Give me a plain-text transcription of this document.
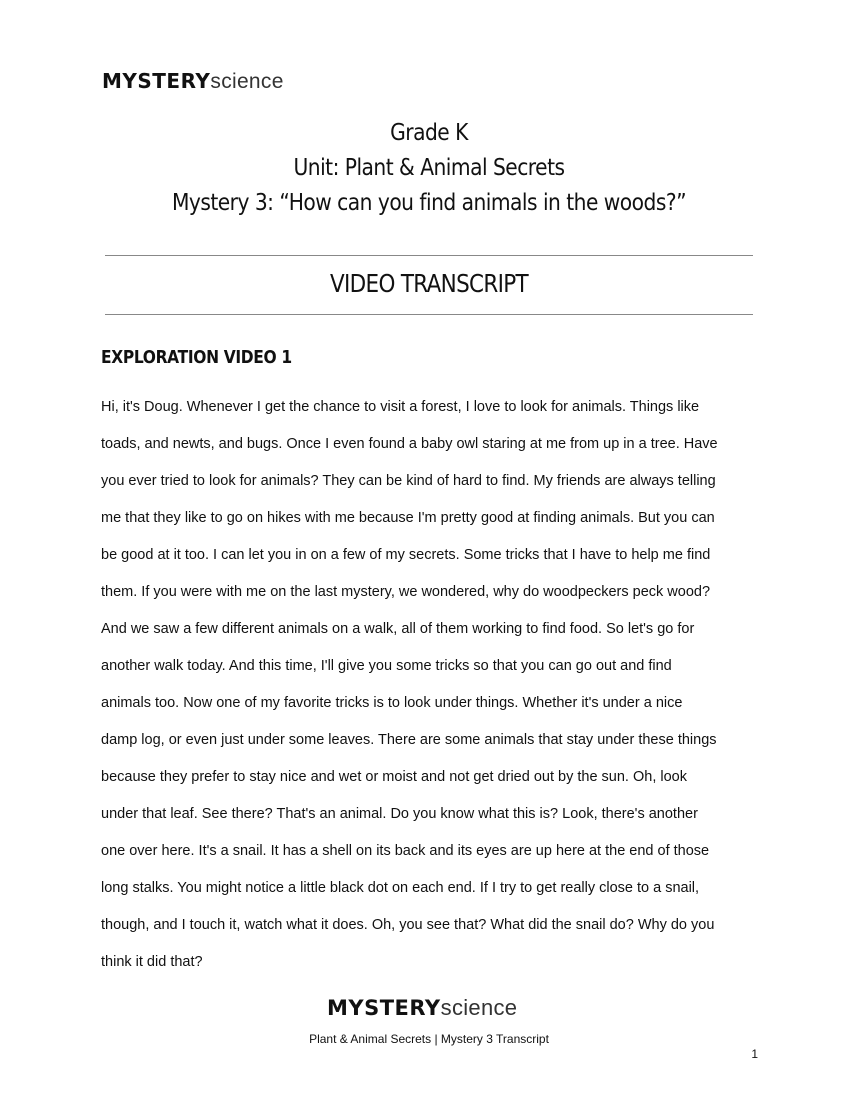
MYSTERYscience
Grade K
Unit: Plant & Animal Secrets
Mystery 3: “How can you find animals in the woods?”
VIDEO TRANSCRIPT
EXPLORATION VIDEO 1
Hi, it's Doug. Whenever I get the chance to visit a forest, I love to look for animals. Things like
toads, and newts, and bugs. Once I even found a baby owl staring at me from up in a tree. Have
you ever tried to look for animals? They can be kind of hard to find. My friends are always telling
me that they like to go on hikes with me because I'm pretty good at finding animals. But you can
be good at it too. I can let you in on a few of my secrets. Some tricks that I have to help me find
them. If you were with me on the last mystery, we wondered, why do woodpeckers peck wood?
And we saw a few different animals on a walk, all of them working to find food. So let's go for
another walk today. And this time, I'll give you some tricks so that you can go out and find
animals too. Now one of my favorite tricks is to look under things. Whether it's under a nice
damp log, or even just under some leaves. There are some animals that stay under these things
because they prefer to stay nice and wet or moist and not get dried out by the sun. Oh, look
under that leaf. See there? That's an animal. Do you know what this is? Look, there's another
one over here. It's a snail. It has a shell on its back and its eyes are up here at the end of those
long stalks. You might notice a little black dot on each end. If I try to get really close to a snail,
though, and I touch it, watch what it does. Oh, you see that? What did the snail do? Why do you
think it did that?
MYSTERYscience
Plant & Animal Secrets | Mystery 3 Transcript
1
